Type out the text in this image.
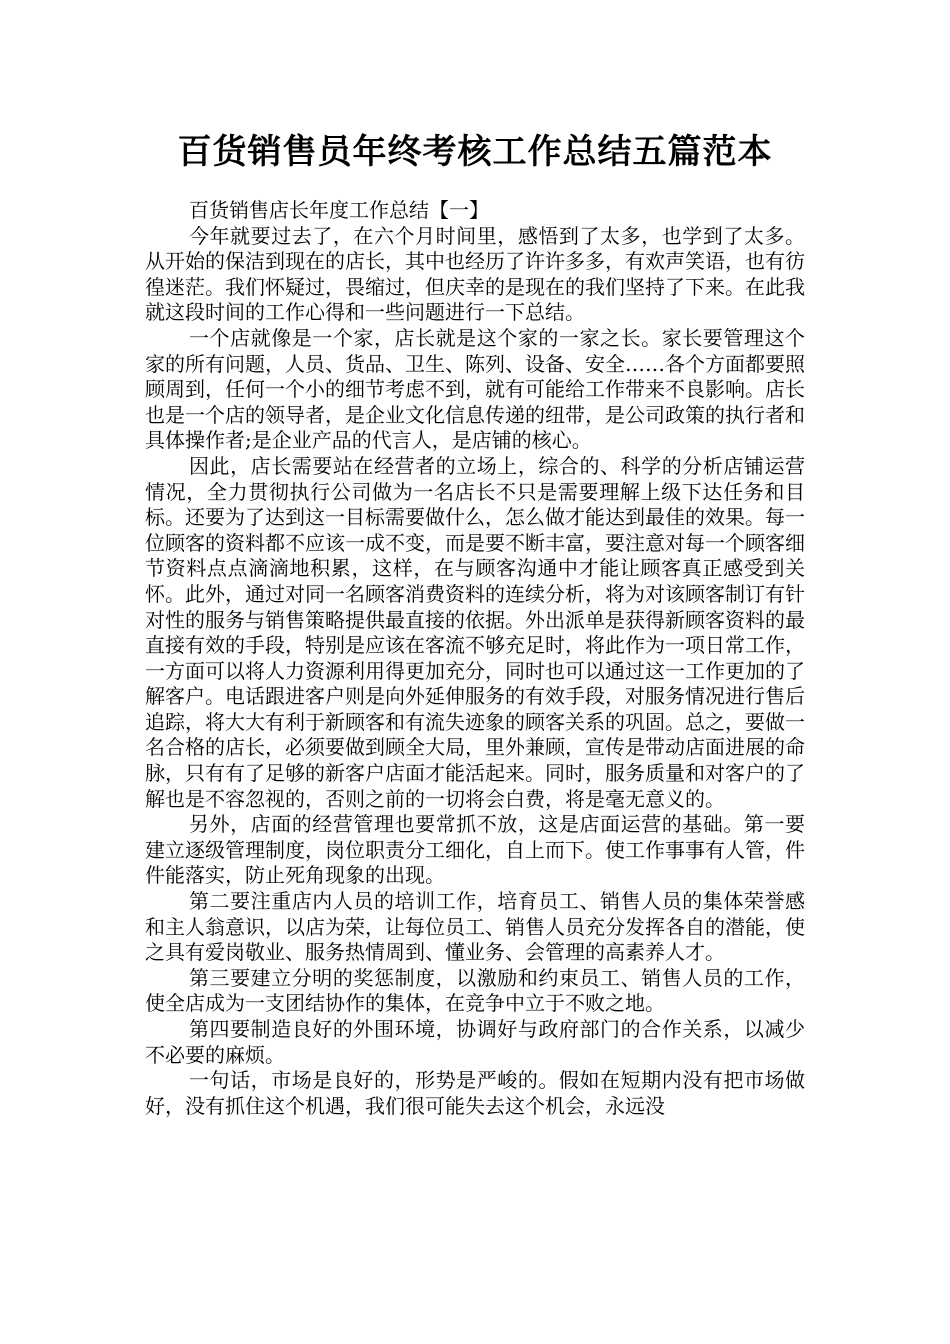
百货销售员年终考核工作总结五篇范本

百货销售店长年度工作总结【一】

今年就要过去了，在六个月时间里，感悟到了太多，也学到了太多。从开始的保洁到现在的店长，其中也经历了许许多多，有欢声笑语，也有彷徨迷茫。我们怀疑过，畏缩过，但庆幸的是现在的我们坚持了下来。在此我就这段时间的工作心得和一些问题进行一下总结。

一个店就像是一个家，店长就是这个家的一家之长。家长要管理这个家的所有问题，人员、货品、卫生、陈列、设备、安全……各个方面都要照顾周到，任何一个小的细节考虑不到，就有可能给工作带来不良影响。店长也是一个店的领导者，是企业文化信息传递的纽带，是公司政策的执行者和具体操作者;是企业产品的代言人，是店铺的核心。

因此，店长需要站在经营者的立场上，综合的、科学的分析店铺运营情况，全力贯彻执行公司做为一名店长不只是需要理解上级下达任务和目标。还要为了达到这一目标需要做什么，怎么做才能达到最佳的效果。每一位顾客的资料都不应该一成不变，而是要不断丰富，要注意对每一个顾客细节资料点点滴滴地积累，这样，在与顾客沟通中才能让顾客真正感受到关怀。此外，通过对同一名顾客消费资料的连续分析，将为对该顾客制订有针对性的服务与销售策略提供最直接的依据。外出派单是获得新顾客资料的最直接有效的手段，特别是应该在客流不够充足时，将此作为一项日常工作，一方面可以将人力资源利用得更加充分，同时也可以通过这一工作更加的了解客户。电话跟进客户则是向外延伸服务的有效手段，对服务情况进行售后追踪，将大大有利于新顾客和有流失迹象的顾客关系的巩固。总之，要做一名合格的店长，必须要做到顾全大局，里外兼顾，宣传是带动店面进展的命脉，只有有了足够的新客户店面才能活起来。同时，服务质量和对客户的了解也是不容忽视的，否则之前的一切将会白费，将是毫无意义的。

另外，店面的经营管理也要常抓不放，这是店面运营的基础。第一要建立逐级管理制度，岗位职责分工细化，自上而下。使工作事事有人管，件件能落实，防止死角现象的出现。

第二要注重店内人员的培训工作，培育员工、销售人员的集体荣誉感和主人翁意识，以店为荣，让每位员工、销售人员充分发挥各自的潜能，使之具有爱岗敬业、服务热情周到、懂业务、会管理的高素养人才。

第三要建立分明的奖惩制度，以激励和约束员工、销售人员的工作，使全店成为一支团结协作的集体，在竞争中立于不败之地。

第四要制造良好的外围环境，协调好与政府部门的合作关系，以减少不必要的麻烦。

一句话，市场是良好的，形势是严峻的。假如在短期内没有把市场做好，没有抓住这个机遇，我们很可能失去这个机会，永远没
